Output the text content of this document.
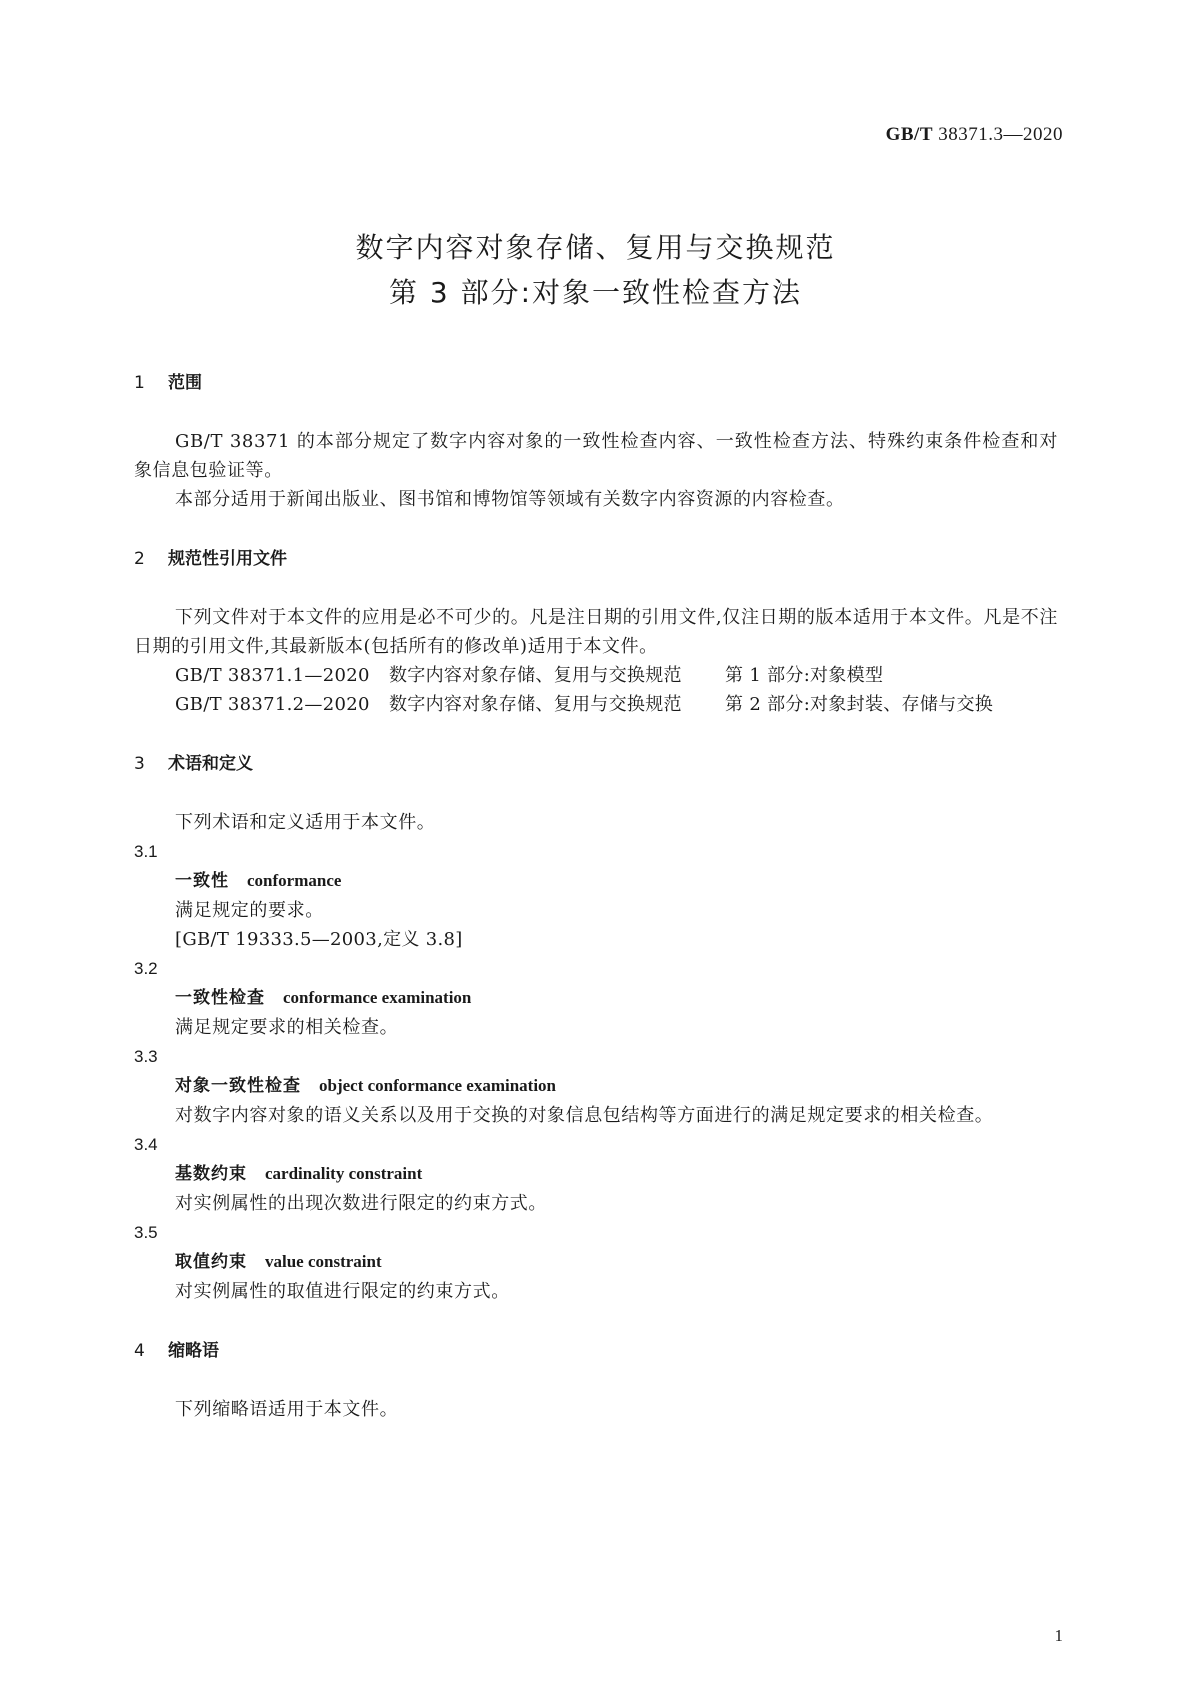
GB/T 38371.3—2020
数字内容对象存储、复用与交换规范
第 3 部分:对象一致性检查方法
1 范围
GB/T 38371 的本部分规定了数字内容对象的一致性检查内容、一致性检查方法、特殊约束条件检查和对象信息包验证等。
本部分适用于新闻出版业、图书馆和博物馆等领域有关数字内容资源的内容检查。
2 规范性引用文件
下列文件对于本文件的应用是必不可少的。凡是注日期的引用文件,仅注日期的版本适用于本文件。凡是不注日期的引用文件,其最新版本(包括所有的修改单)适用于本文件。
GB/T 38371.1—2020 数字内容对象存储、复用与交换规范 第 1 部分:对象模型
GB/T 38371.2—2020 数字内容对象存储、复用与交换规范 第 2 部分:对象封装、存储与交换
3 术语和定义
下列术语和定义适用于本文件。
3.1
一致性 conformance
满足规定的要求。
[GB/T 19333.5—2003,定义 3.8]
3.2
一致性检查 conformance examination
满足规定要求的相关检查。
3.3
对象一致性检查 object conformance examination
对数字内容对象的语义关系以及用于交换的对象信息包结构等方面进行的满足规定要求的相关检查。
3.4
基数约束 cardinality constraint
对实例属性的出现次数进行限定的约束方式。
3.5
取值约束 value constraint
对实例属性的取值进行限定的约束方式。
4 缩略语
下列缩略语适用于本文件。
1
